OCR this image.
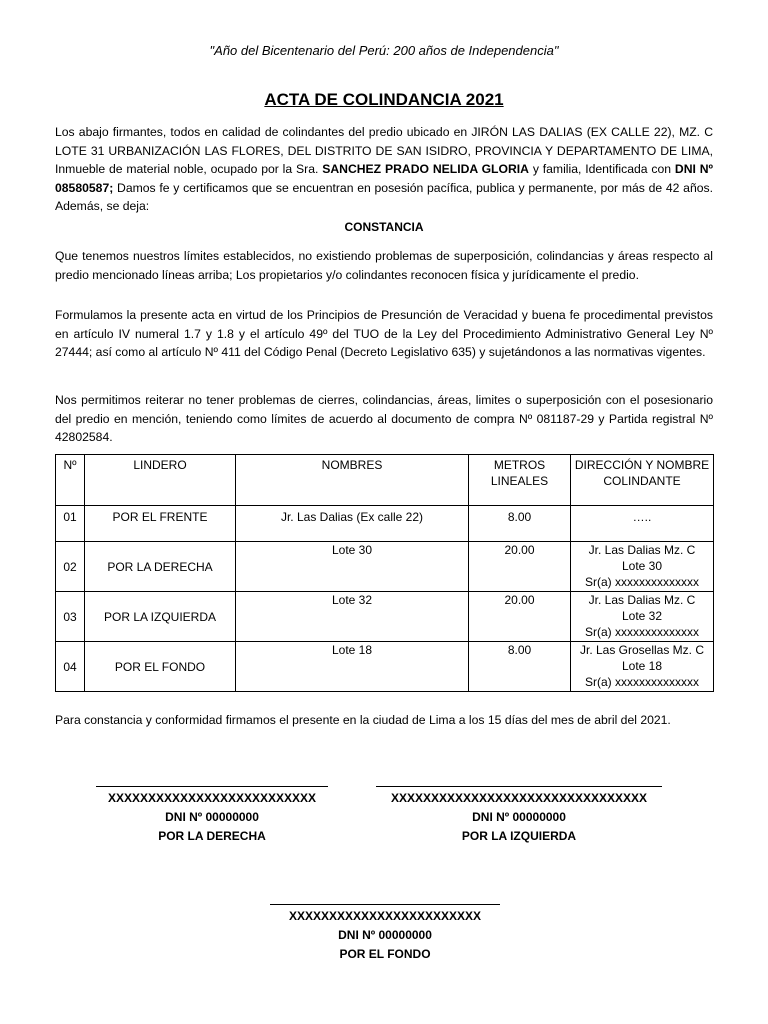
"Año del Bicentenario del Perú: 200 años de Independencia"
ACTA DE COLINDANCIA 2021
Los abajo firmantes, todos en calidad de colindantes del predio ubicado en JIRÓN LAS DALIAS (EX CALLE 22), MZ. C LOTE 31 URBANIZACIÓN LAS FLORES, DEL DISTRITO DE SAN ISIDRO, PROVINCIA Y DEPARTAMENTO DE LIMA, Inmueble de material noble, ocupado por la Sra. SANCHEZ PRADO NELIDA GLORIA y familia, Identificada con DNI Nº 08580587; Damos fe y certificamos que se encuentran en posesión pacífica, publica y permanente, por más de 42 años. Además, se deja:
CONSTANCIA
Que tenemos nuestros límites establecidos, no existiendo problemas de superposición, colindancias y áreas respecto al predio mencionado líneas arriba; Los propietarios y/o colindantes reconocen física y jurídicamente el predio.
Formulamos la presente acta en virtud de los Principios de Presunción de Veracidad y buena fe procedimental previstos en artículo IV numeral 1.7 y 1.8 y el artículo 49º del TUO de la Ley del Procedimiento Administrativo General Ley Nº 27444; así como al artículo Nº 411 del Código Penal (Decreto Legislativo 635) y sujetándonos a las normativas vigentes.
Nos permitimos reiterar no tener problemas de cierres, colindancias, áreas, limites o superposición con el posesionario del predio en mención, teniendo como límites de acuerdo al documento de compra Nº 081187-29 y Partida registral Nº 42802584.
Nº	LINDERO	NOMBRES	METROS LINEALES	DIRECCIÓN Y NOMBRE COLINDANTE
01	POR EL FRENTE	Jr. Las Dalias (Ex calle 22)	8.00	…..

02	POR LA DERECHA	Lote 30	20.00	Jr. Las Dalias Mz. C
Lote 30
Sr(a) xxxxxxxxxxxxxx

03	POR LA IZQUIERDA	Lote 32	20.00	Jr. Las Dalias Mz. C
Lote 32
Sr(a) xxxxxxxxxxxxxx

04	POR EL FONDO	Lote 18	8.00	Jr. Las Grosellas Mz. C
Lote 18
Sr(a) xxxxxxxxxxxxxx
Para constancia y conformidad firmamos el presente en la ciudad de Lima a los 15 días del mes de abril del 2021.
XXXXXXXXXXXXXXXXXXXXXXXXXX
DNI Nº 00000000
POR LA DERECHA
XXXXXXXXXXXXXXXXXXXXXXXXXXXXXXXX
DNI Nº 00000000
POR LA IZQUIERDA
XXXXXXXXXXXXXXXXXXXXXXXX
DNI Nº 00000000
POR EL FONDO
